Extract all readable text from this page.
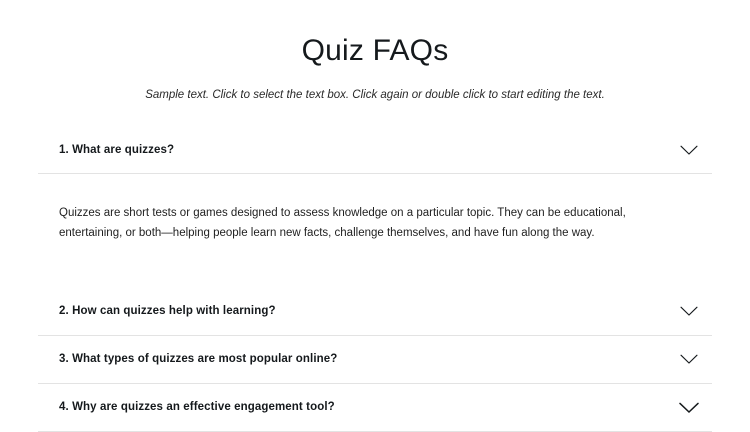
Quiz FAQs

Sample text. Click to select the text box. Click again or double click to start editing the text.

1. What are quizzes?

Quizzes are short tests or games designed to assess knowledge on a particular topic. They can be educational, entertaining, or both—helping people learn new facts, challenge themselves, and have fun along the way.

2. How can quizzes help with learning?
3. What types of quizzes are most popular online?
4. Why are quizzes an effective engagement tool?
